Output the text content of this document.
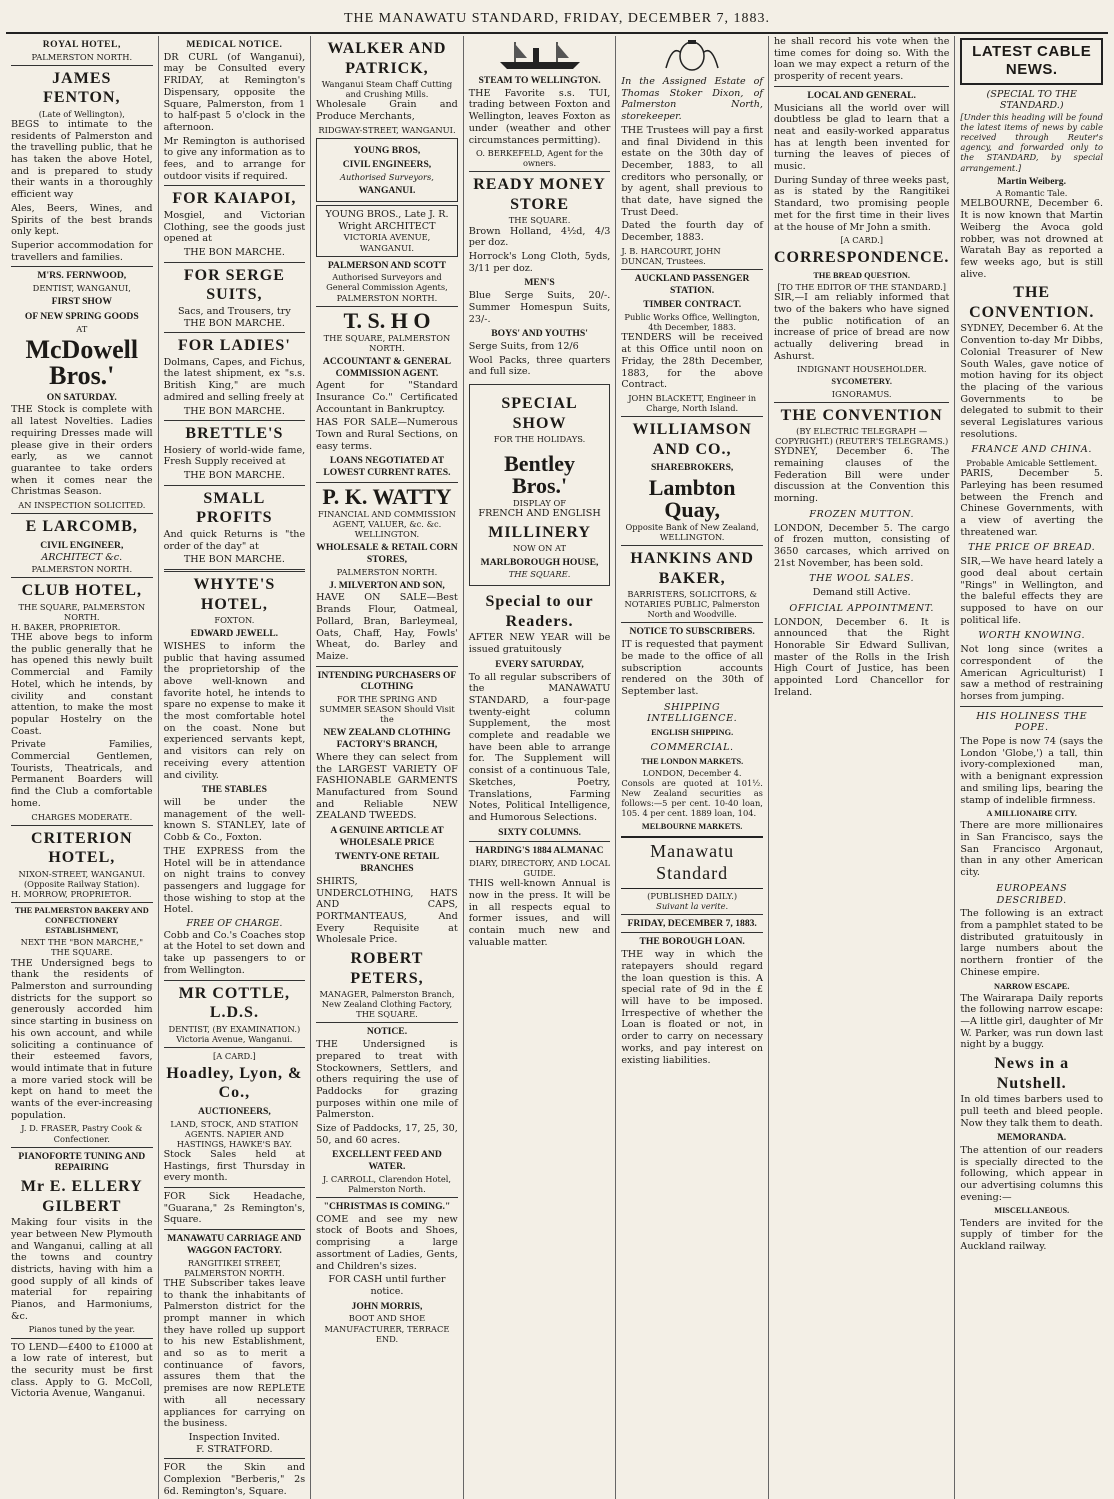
THE MANAWATU STANDARD, FRIDAY, DECEMBER 7, 1883.
ROYAL HOTEL,
PALMERSTON NORTH.
JAMES FENTON,
(Late of Wellington),

BEGS to intimate to the residents of Palmerston and the travelling public, that he has taken the above Hotel, and is prepared to study their wants in a thoroughly efficient way

Ales, Beers, Wines, and Spirits of the best brands only kept.

Superior accommodation for travellers and families.

M'RS. FERNWOOD,
DENTIST, WANGANUI,
FIRST SHOW
OF NEW SPRING GOODS
AT
McDowell Bros.'
ON SATURDAY.

THE Stock is complete with all latest Novelties. Ladies requiring Dresses made will please give in their orders early, as we cannot guarantee to take orders when it comes near the Christmas Season.

AN INSPECTION SOLICITED.
E LARCOMB,
CIVIL ENGINEER,
ARCHITECT &c.
PALMERSTON NORTH.
CLUB HOTEL,
THE SQUARE, PALMERSTON NORTH.
H. BAKER, PROPRIETOR.

THE above begs to inform the public generally that he has opened this newly built Commercial and Family Hotel, which he intends, by civility and constant attention, to make the most popular Hostelry on the Coast.

Private Families, Commercial Gentlemen, Tourists, Theatricals, and Permanent Boarders will find the Club a comfortable home.

CHARGES MODERATE.
CRITERION HOTEL,
NIXON-STREET, WANGANUI. (Opposite Railway Station).
H. MORROW, PROPRIETOR.
THE PALMERSTON BAKERY AND CONFECTIONERY ESTABLISHMENT,
NEXT THE "BON MARCHE," THE SQUARE.

THE Undersigned begs to thank the residents of Palmerston and surrounding districts for the support so generously accorded him since starting in business on his own account, and while soliciting a continuance of their esteemed favors, would intimate that in future a more varied stock will be kept on hand to meet the wants of the ever-increasing population.

J. D. FRASER, Pastry Cook & Confectioner.
PIANOFORTE TUNING AND REPAIRING
Mr E. ELLERY GILBERT

Making four visits in the year between New Plymouth and Wanganui, calling at all the towns and country districts, having with him a good supply of all kinds of material for repairing Pianos, and Harmoniums, &c.

Pianos tuned by the year.

TO LEND—£400 to £1000 at a low rate of interest, but the security must be first class. Apply to G. McColl, Victoria Avenue, Wanganui.

MEDICAL NOTICE.

DR CURL (of Wanganui), may be Consulted every FRIDAY, at Remington's Dispensary, opposite the Square, Palmerston, from 1 to half-past 5 o'clock in the afternoon.

Mr Remington is authorised to give any information as to fees, and to arrange for outdoor visits if required.

FOR KAIAPOI,

Mosgiel, and Victorian Clothing, see the goods just opened at

THE BON MARCHE.
FOR SERGE SUITS,
Sacs, and Trousers, try
THE BON MARCHE.
FOR LADIES'

Dolmans, Capes, and Fichus, the latest shipment, ex "s.s. British King," are much admired and selling freely at

THE BON MARCHE.
BRETTLE'S

Hosiery of world-wide fame, Fresh Supply received at

THE BON MARCHE.
SMALL PROFITS

And quick Returns is "the order of the day" at

THE BON MARCHE.
WHYTE'S HOTEL,
FOXTON.
EDWARD JEWELL.

WISHES to inform the public that having assumed the proprietorship of the above well-known and favorite hotel, he intends to spare no expense to make it the most comfortable hotel on the coast. None but experienced servants kept, and visitors can rely on receiving every attention and civility.

THE STABLES

will be under the management of the well-known S. STANLEY, late of Cobb & Co., Foxton.

THE EXPRESS from the Hotel will be in attendance on night trains to convey passengers and luggage for those wishing to stop at the Hotel.

FREE OF CHARGE.

Cobb and Co.'s Coaches stop at the Hotel to set down and take up passengers to or from Wellington.

MR COTTLE, L.D.S.
DENTIST, (BY EXAMINATION.)
Victoria Avenue, Wanganui.
[A CARD.]
Hoadley, Lyon, & Co.,
AUCTIONEERS,
LAND, STOCK, AND STATION AGENTS. NAPIER AND HASTINGS, HAWKE'S BAY.

Stock Sales held at Hastings, first Thursday in every month.

FOR Sick Headache, "Guarana," 2s Remington's, Square.

MANAWATU CARRIAGE AND WAGGON FACTORY.
RANGITIKEI STREET, PALMERSTON NORTH.

THE Subscriber takes leave to thank the inhabitants of Palmerston district for the prompt manner in which they have rolled up support to his new Establishment, and so as to merit a continuance of favors, assures them that the premises are now REPLETE with all necessary appliances for carrying on the business.

Inspection Invited.
F. STRATFORD.

FOR the Skin and Complexion "Berberis," 2s 6d. Remington's, Square.

WALKER AND PATRICK,
Wanganui Steam Chaff Cutting and Crushing Mills.

Wholesale Grain and Produce Merchants,

RIDGWAY-STREET, WANGANUI.
YOUNG BROS,
CIVIL ENGINEERS,
Authorised Surveyors,
WANGANUI.
YOUNG BROS., Late J. R. Wright ARCHITECT
VICTORIA AVENUE, WANGANUI.
PALMERSON AND SCOTT
Authorised Surveyors and General Commission Agents, PALMERSTON NORTH.
T. S. H O
THE SQUARE, PALMERSTON NORTH.
ACCOUNTANT & GENERAL COMMISSION AGENT.

Agent for "Standard Insurance Co." Certificated Accountant in Bankruptcy.

HAS FOR SALE—Numerous Town and Rural Sections, on easy terms.

LOANS NEGOTIATED AT LOWEST CURRENT RATES.
P. K. WATTY
FINANCIAL AND COMMISSION AGENT, VALUER, &c. &c. WELLINGTON.
WHOLESALE & RETAIL CORN STORES,
PALMERSTON NORTH.
J. MILVERTON AND SON,

HAVE ON SALE—Best Brands Flour, Oatmeal, Pollard, Bran, Barleymeal, Oats, Chaff, Hay, Fowls' Wheat, do. Barley and Maize.

INTENDING PURCHASERS OF CLOTHING
FOR THE SPRING AND SUMMER SEASON Should Visit the
NEW ZEALAND CLOTHING FACTORY'S BRANCH,

Where they can select from the LARGEST VARIETY OF FASHIONABLE GARMENTS Manufactured from Sound and Reliable NEW ZEALAND TWEEDS.

A GENUINE ARTICLE AT WHOLESALE PRICE
TWENTY-ONE RETAIL BRANCHES

SHIRTS, UNDERCLOTHING, HATS AND CAPS, PORTMANTEAUS, And Every Requisite at Wholesale Price.

ROBERT PETERS,
MANAGER, Palmerston Branch, New Zealand Clothing Factory, THE SQUARE.
NOTICE.

THE Undersigned is prepared to treat with Stockowners, Settlers, and others requiring the use of Paddocks for grazing purposes within one mile of Palmerston.

Size of Paddocks, 17, 25, 30, 50, and 60 acres.

EXCELLENT FEED AND WATER.
J. CARROLL, Clarendon Hotel, Palmerston North.
"CHRISTMAS IS COMING."

COME and see my new stock of Boots and Shoes, comprising a large assortment of Ladies, Gents, and Children's sizes.

FOR CASH until further notice.
JOHN MORRIS,
BOOT AND SHOE MANUFACTURER, TERRACE END.
STEAM TO WELLINGTON.

THE Favorite s.s. TUI, trading between Foxton and Wellington, leaves Foxton as under (weather and other circumstances permitting).

O. BERKEFELD, Agent for the owners.
READY MONEY STORE
THE SQUARE.

Brown Holland, 4½d, 4/3 per doz.

Horrock's Long Cloth, 5yds, 3/11 per doz.

MEN'S

Blue Serge Suits, 20/-. Summer Homespun Suits, 23/-.

BOYS' AND YOUTHS'

Serge Suits, from 12/6

Wool Packs, three quarters and full size.

SPECIAL SHOW
FOR THE HOLIDAYS.
Bentley Bros.'
DISPLAY OF
FRENCH AND ENGLISH
MILLINERY
NOW ON AT
MARLBOROUGH HOUSE,
THE SQUARE.
Special to our Readers.

AFTER NEW YEAR will be issued gratuitously

EVERY SATURDAY,

To all regular subscribers of the MANAWATU STANDARD, a four-page twenty-eight column Supplement, the most complete and readable we have been able to arrange for. The Supplement will consist of a continuous Tale, Sketches, Poetry, Translations, Farming Notes, Political Intelligence, and Humorous Selections.

SIXTY COLUMNS.
HARDING'S 1884 ALMANAC
DIARY, DIRECTORY, AND LOCAL GUIDE.

THIS well-known Annual is now in the press. It will be in all respects equal to former issues, and will contain much new and valuable matter.

In the Assigned Estate of Thomas Stoker Dixon, of Palmerston North, storekeeper.

THE Trustees will pay a first and final Dividend in this estate on the 30th day of December, 1883, to all creditors who personally, or by agent, shall previous to that date, have signed the Trust Deed.

Dated the fourth day of December, 1883.

J. B. HARCOURT, JOHN DUNCAN, Trustees.
AUCKLAND PASSENGER STATION.
TIMBER CONTRACT.
Public Works Office, Wellington, 4th December, 1883.

TENDERS will be received at this Office until noon on Friday, the 28th December, 1883, for the above Contract.

JOHN BLACKETT, Engineer in Charge, North Island.
WILLIAMSON AND CO.,
SHAREBROKERS,
Lambton Quay,
Opposite Bank of New Zealand, WELLINGTON.
HANKINS AND BAKER,
BARRISTERS, SOLICITORS, & NOTARIES PUBLIC, Palmerston North and Woodville.
NOTICE TO SUBSCRIBERS.

IT is requested that payment be made to the office of all subscription accounts rendered on the 30th of September last.

SHIPPING INTELLIGENCE.
ENGLISH SHIPPING.
COMMERCIAL.
THE LONDON MARKETS.
LONDON, December 4.

Consols are quoted at 101½. New Zealand securities as follows:—5 per cent. 10-40 loan, 105. 4 per cent. 1889 loan, 104.

MELBOURNE MARKETS.
Manawatu Standard
(PUBLISHED DAILY.)
Suivant la verite.
FRIDAY, DECEMBER 7, 1883.
THE BOROUGH LOAN.

THE way in which the ratepayers should regard the loan question is this. A special rate of 9d in the £ will have to be imposed. Irrespective of whether the Loan is floated or not, in order to carry on necessary works, and pay interest on existing liabilities.

he shall record his vote when the time comes for doing so. With the loan we may expect a return of the prosperity of recent years.

LOCAL AND GENERAL.

Musicians all the world over will doubtless be glad to learn that a neat and easily-worked apparatus has at length been invented for turning the leaves of pieces of music.

During Sunday of three weeks past, as is stated by the Rangitikei Standard, two promising people met for the first time in their lives at the house of Mr John a smith.

[A CARD.]
CORRESPONDENCE.
THE BREAD QUESTION.
[TO THE EDITOR OF THE STANDARD.]

SIR,—I am reliably informed that two of the bakers who have signed the public notification of an increase of price of bread are now actually delivering bread in Ashurst.

INDIGNANT HOUSEHOLDER.
SYCOMETERY.
IGNORAMUS.
THE CONVENTION
(BY ELECTRIC TELEGRAPH — COPYRIGHT.) (REUTER'S TELEGRAMS.)

SYDNEY, December 6. The remaining clauses of the Federation Bill were under discussion at the Convention this morning.

FROZEN MUTTON.

LONDON, December 5. The cargo of frozen mutton, consisting of 3650 carcases, which arrived on 21st November, has been sold.

THE WOOL SALES.
Demand still Active.
OFFICIAL APPOINTMENT.

LONDON, December 6. It is announced that the Right Honorable Sir Edward Sullivan, master of the Rolls in the Irish High Court of Justice, has been appointed Lord Chancellor for Ireland.

LATEST CABLE NEWS.
(SPECIAL TO THE STANDARD.)

[Under this heading will be found the latest items of news by cable received through Reuter's agency, and forwarded only to the STANDARD, by special arrangement.]

Martin Weiberg.
A Romantic Tale.

MELBOURNE, December 6. It is now known that Martin Weiberg the Avoca gold robber, was not drowned at Waratah Bay as reported a few weeks ago, but is still alive.

THE CONVENTION.

SYDNEY, December 6. At the Convention to-day Mr Dibbs, Colonial Treasurer of New South Wales, gave notice of motion having for its object the placing of the various Governments to be delegated to submit to their several Legislatures various resolutions.

FRANCE AND CHINA.
Probable Amicable Settlement.

PARIS, December 5. Parleying has been resumed between the French and Chinese Governments, with a view of averting the threatened war.

THE PRICE OF BREAD.

SIR,—We have heard lately a good deal about certain "Rings" in Wellington, and the baleful effects they are supposed to have on our political life.

WORTH KNOWING.

Not long since (writes a correspondent of the American Agriculturist) I saw a method of restraining horses from jumping.

HIS HOLINESS THE POPE.

The Pope is now 74 (says the London 'Globe,') a tall, thin ivory-complexioned man, with a benignant expression and smiling lips, bearing the stamp of indelible firmness.

A MILLIONAIRE CITY.

There are more millionaires in San Francisco, says the San Francisco Argonaut, than in any other American city.

EUROPEANS DESCRIBED.

The following is an extract from a pamphlet stated to be distributed gratuitously in large numbers about the northern frontier of the Chinese empire.

NARROW ESCAPE.

The Wairarapa Daily reports the following narrow escape:—A little girl, daughter of Mr W. Parker, was run down last night by a buggy.

News in a Nutshell.

In old times barbers used to pull teeth and bleed people. Now they talk them to death.

MEMORANDA.

The attention of our readers is specially directed to the following, which appear in our advertising columns this evening:—

MISCELLANEOUS.

Tenders are invited for the supply of timber for the Auckland railway.
